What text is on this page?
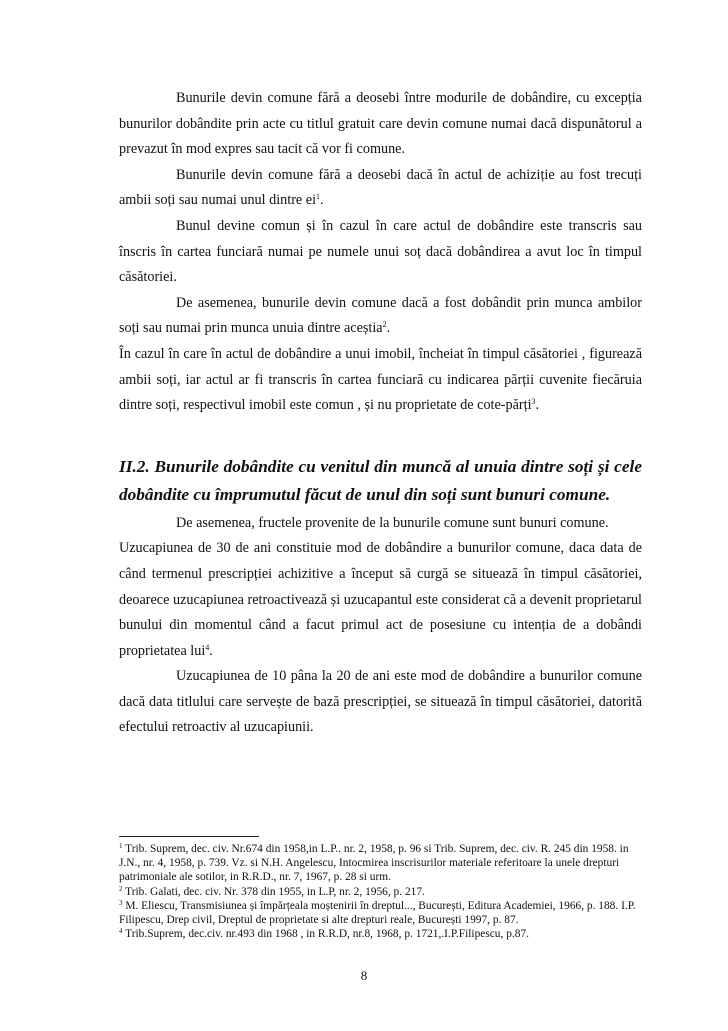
Bunurile devin comune fără a deosebi între modurile de dobândire, cu excepția bunurilor dobândite prin acte cu titlul gratuit care devin comune numai dacă dispunătorul a prevazut în mod expres sau tacit că vor fi comune.

Bunurile devin comune fără a deosebi dacă în actul de achiziție au fost trecuți ambii soți sau numai unul dintre $ei^1$.

Bunul devine comun și în cazul în care actul de dobândire este transcris sau înscris în cartea funciară numai pe numele unui soț dacă dobândirea a avut loc în timpul căsătoriei.

De asemenea, bunurile devin comune dacă a fost dobândit prin munca ambilor soți sau numai prin munca unuia dintre aceștia$^2$.

În cazul în care în actul de dobândire a unui imobil, încheiat în timpul căsătoriei , figurează ambii soți, iar actul ar fi transcris în cartea funciară cu indicarea părții cuvenite fiecăruia dintre soți, respectivul imobil este comun , și nu proprietate de cote-părți$^3$.

II.2. Bunurile dobândite cu venitul din muncă al unuia dintre soți și cele dobândite cu împrumutul făcut de unul din soți sunt bunuri comune.

De asemenea, fructele provenite de la bunurile comune sunt bunuri comune.

Uzucapiunea de 30 de ani constituie mod de dobândire a bunurilor comune, daca data de când termenul prescripției achizitive a început să curgă se situează în timpul căsătoriei, deoarece uzucapiunea retroactivează și uzucapantul este considerat că a devenit proprietarul bunului din momentul când a facut primul act de posesiune cu intenția de a dobândi proprietatea lui$^4$.

Uzucapiunea de 10 pâna la 20 de ani este mod de dobândire a bunurilor comune dacă data titlului care servește de bază prescripției, se situează în timpul căsătoriei, datorită efectului retroactiv al uzucapiunii.

$^1$ Trib. Suprem, dec. civ. Nr.674 din 1958,in L.P.. nr. 2, 1958, p. 96 si Trib. Suprem, dec. civ. R. 245 din 1958. in J.N., nr. 4, 1958, p. 739. Vz. si N.H. Angelescu, Intocmirea inscrisurilor materiale referitoare la unele drepturi patrimoniale ale sotilor, in R.R.D., nr. 7, 1967, p. 28 si urm.

$^2$ Trib. Galati, dec. civ. Nr. 378 din 1955, in L.P, nr. 2, 1956, p. 217.

$^3$ M. Eliescu, Transmisiunea și împărțeala moștenirii în dreptul..., București, Editura Academiei, 1966, p. 188. I.P. Filipescu, Drep civil, Dreptul de proprietate si alte drepturi reale, București 1997, p. 87.

$^4$ Trib.Suprem, dec.civ. nr.493 din 1968 , in R.R.D, nr.8, 1968, p. 1721,.I.P.Filipescu, p.87.

8
